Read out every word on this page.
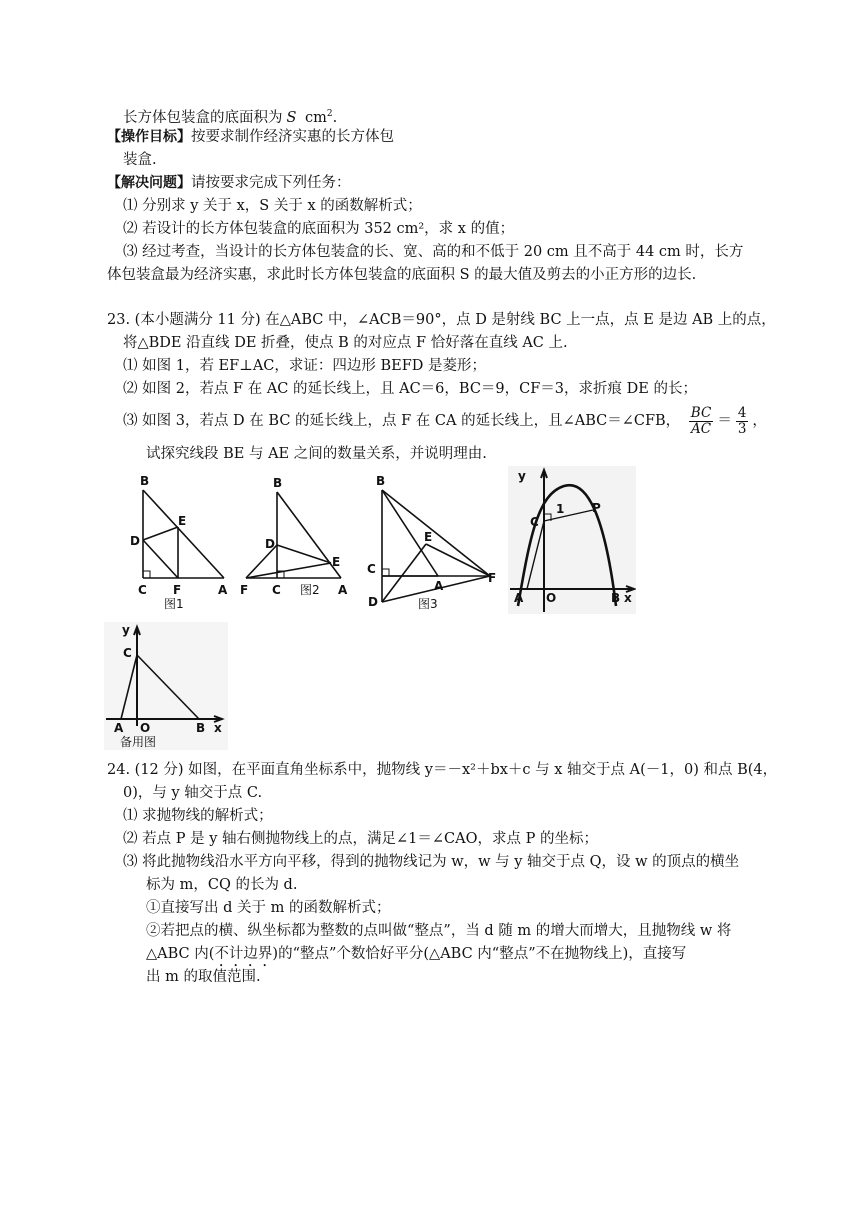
长方体包装盒的底面积为 S $cm^2$.
【操作目标】按要求制作经济实惠的长方体包
装盒.
【解决问题】请按要求完成下列任务：
⑴ 分别求 y 关于 x，S 关于 x 的函数解析式；
⑵ 若设计的长方体包装盒的底面积为 352 cm²，求 x 的值；
⑶ 经过考查，当设计的长方体包装盒的长、宽、高的和不低于 20 cm 且不高于 44 cm 时，长方
体包装盒最为经济实惠，求此时长方体包装盒的底面积 S 的最大值及剪去的小正方形的边长.
23. (本小题满分 11 分) 在△ABC 中，∠ACB＝90°，点 D 是射线 BC 上一点，点 E 是边 AB 上的点，
将△BDE 沿直线 DE 折叠，使点 B 的对应点 F 恰好落在直线 AC 上.
⑴ 如图 1，若 EF⊥AC，求证：四边形 BEFD 是菱形；
⑵ 如图 2，若点 F 在 AC 的延长线上，且 AC＝6，BC＝9，CF＝3，求折痕 DE 的长；
⑶ 如图 3，若点 D 在 BC 的延长线上，点 F 在 CA 的延长线上，且∠ABC＝∠CFB， $\frac{BC}{AC} = \frac{4}{3}$ ，
试探究线段 BE 与 AE 之间的数量关系，并说明理由.
B
E
D
C F	A
图1
B
D
E
F C	A
图2
B
E
C
A
F
D	图3
y
C
1 P
A O	B x
y
C
A O	B x
备用图
24. (12 分) 如图，在平面直角坐标系中，抛物线 y＝－x²＋bx＋c 与 x 轴交于点 A(－1，0) 和点 B(4，
0)，与 y 轴交于点 C.
⑴ 求抛物线的解析式；
⑵ 若点 P 是 y 轴右侧抛物线上的点，满足∠1＝∠CAO，求点 P 的坐标；
⑶ 将此抛物线沿水平方向平移，得到的抛物线记为 w，w 与 y 轴交于点 Q，设 w 的顶点的横坐
标为 m，CQ 的长为 d.
①直接写出 d 关于 m 的函数解析式；
②若把点的横、纵坐标都为整数的点叫做“整点”，当 d 随 m 的增大而增大，且抛物线 w 将
△ABC 内(不计边界)的“整点”个数恰好平分(△ABC 内“整点”不在抛物线上)，直接写
出 m 的取值范围.
